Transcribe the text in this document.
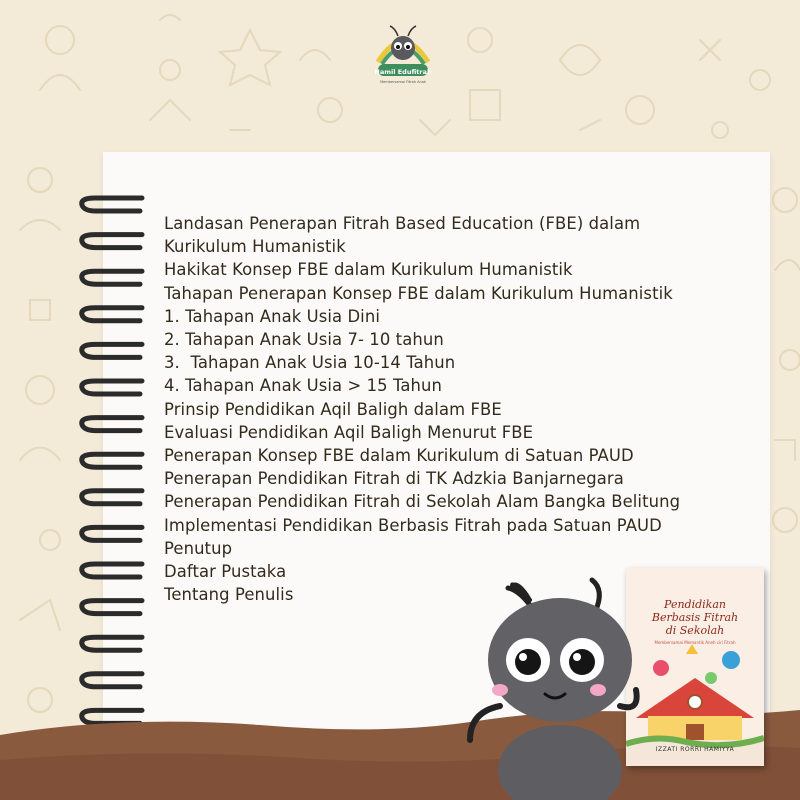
Namil Edufitrah
Membersamai Fitrah Anak
Landasan Penerapan Fitrah Based Education (FBE) dalam
Kurikulum Humanistik
Hakikat Konsep FBE dalam Kurikulum Humanistik
Tahapan Penerapan Konsep FBE dalam Kurikulum Humanistik
1. Tahapan Anak Usia Dini
2. Tahapan Anak Usia 7- 10 tahun
3.  Tahapan Anak Usia 10-14 Tahun
4. Tahapan Anak Usia > 15 Tahun
Prinsip Pendidikan Aqil Baligh dalam FBE
Evaluasi Pendidikan Aqil Baligh Menurut FBE
Penerapan Konsep FBE dalam Kurikulum di Satuan PAUD
Penerapan Pendidikan Fitrah di TK Adzkia Banjarnegara
Penerapan Pendidikan Fitrah di Sekolah Alam Bangka Belitung
Implementasi Pendidikan Berbasis Fitrah pada Satuan PAUD
Penutup
Daftar Pustaka
Tentang Penulis
Pendidikan
Berbasis Fitrah
di Sekolah
Membersamai Memantik Aneh ciri Fitrah
IZZATI RORRI HAMIYYA
